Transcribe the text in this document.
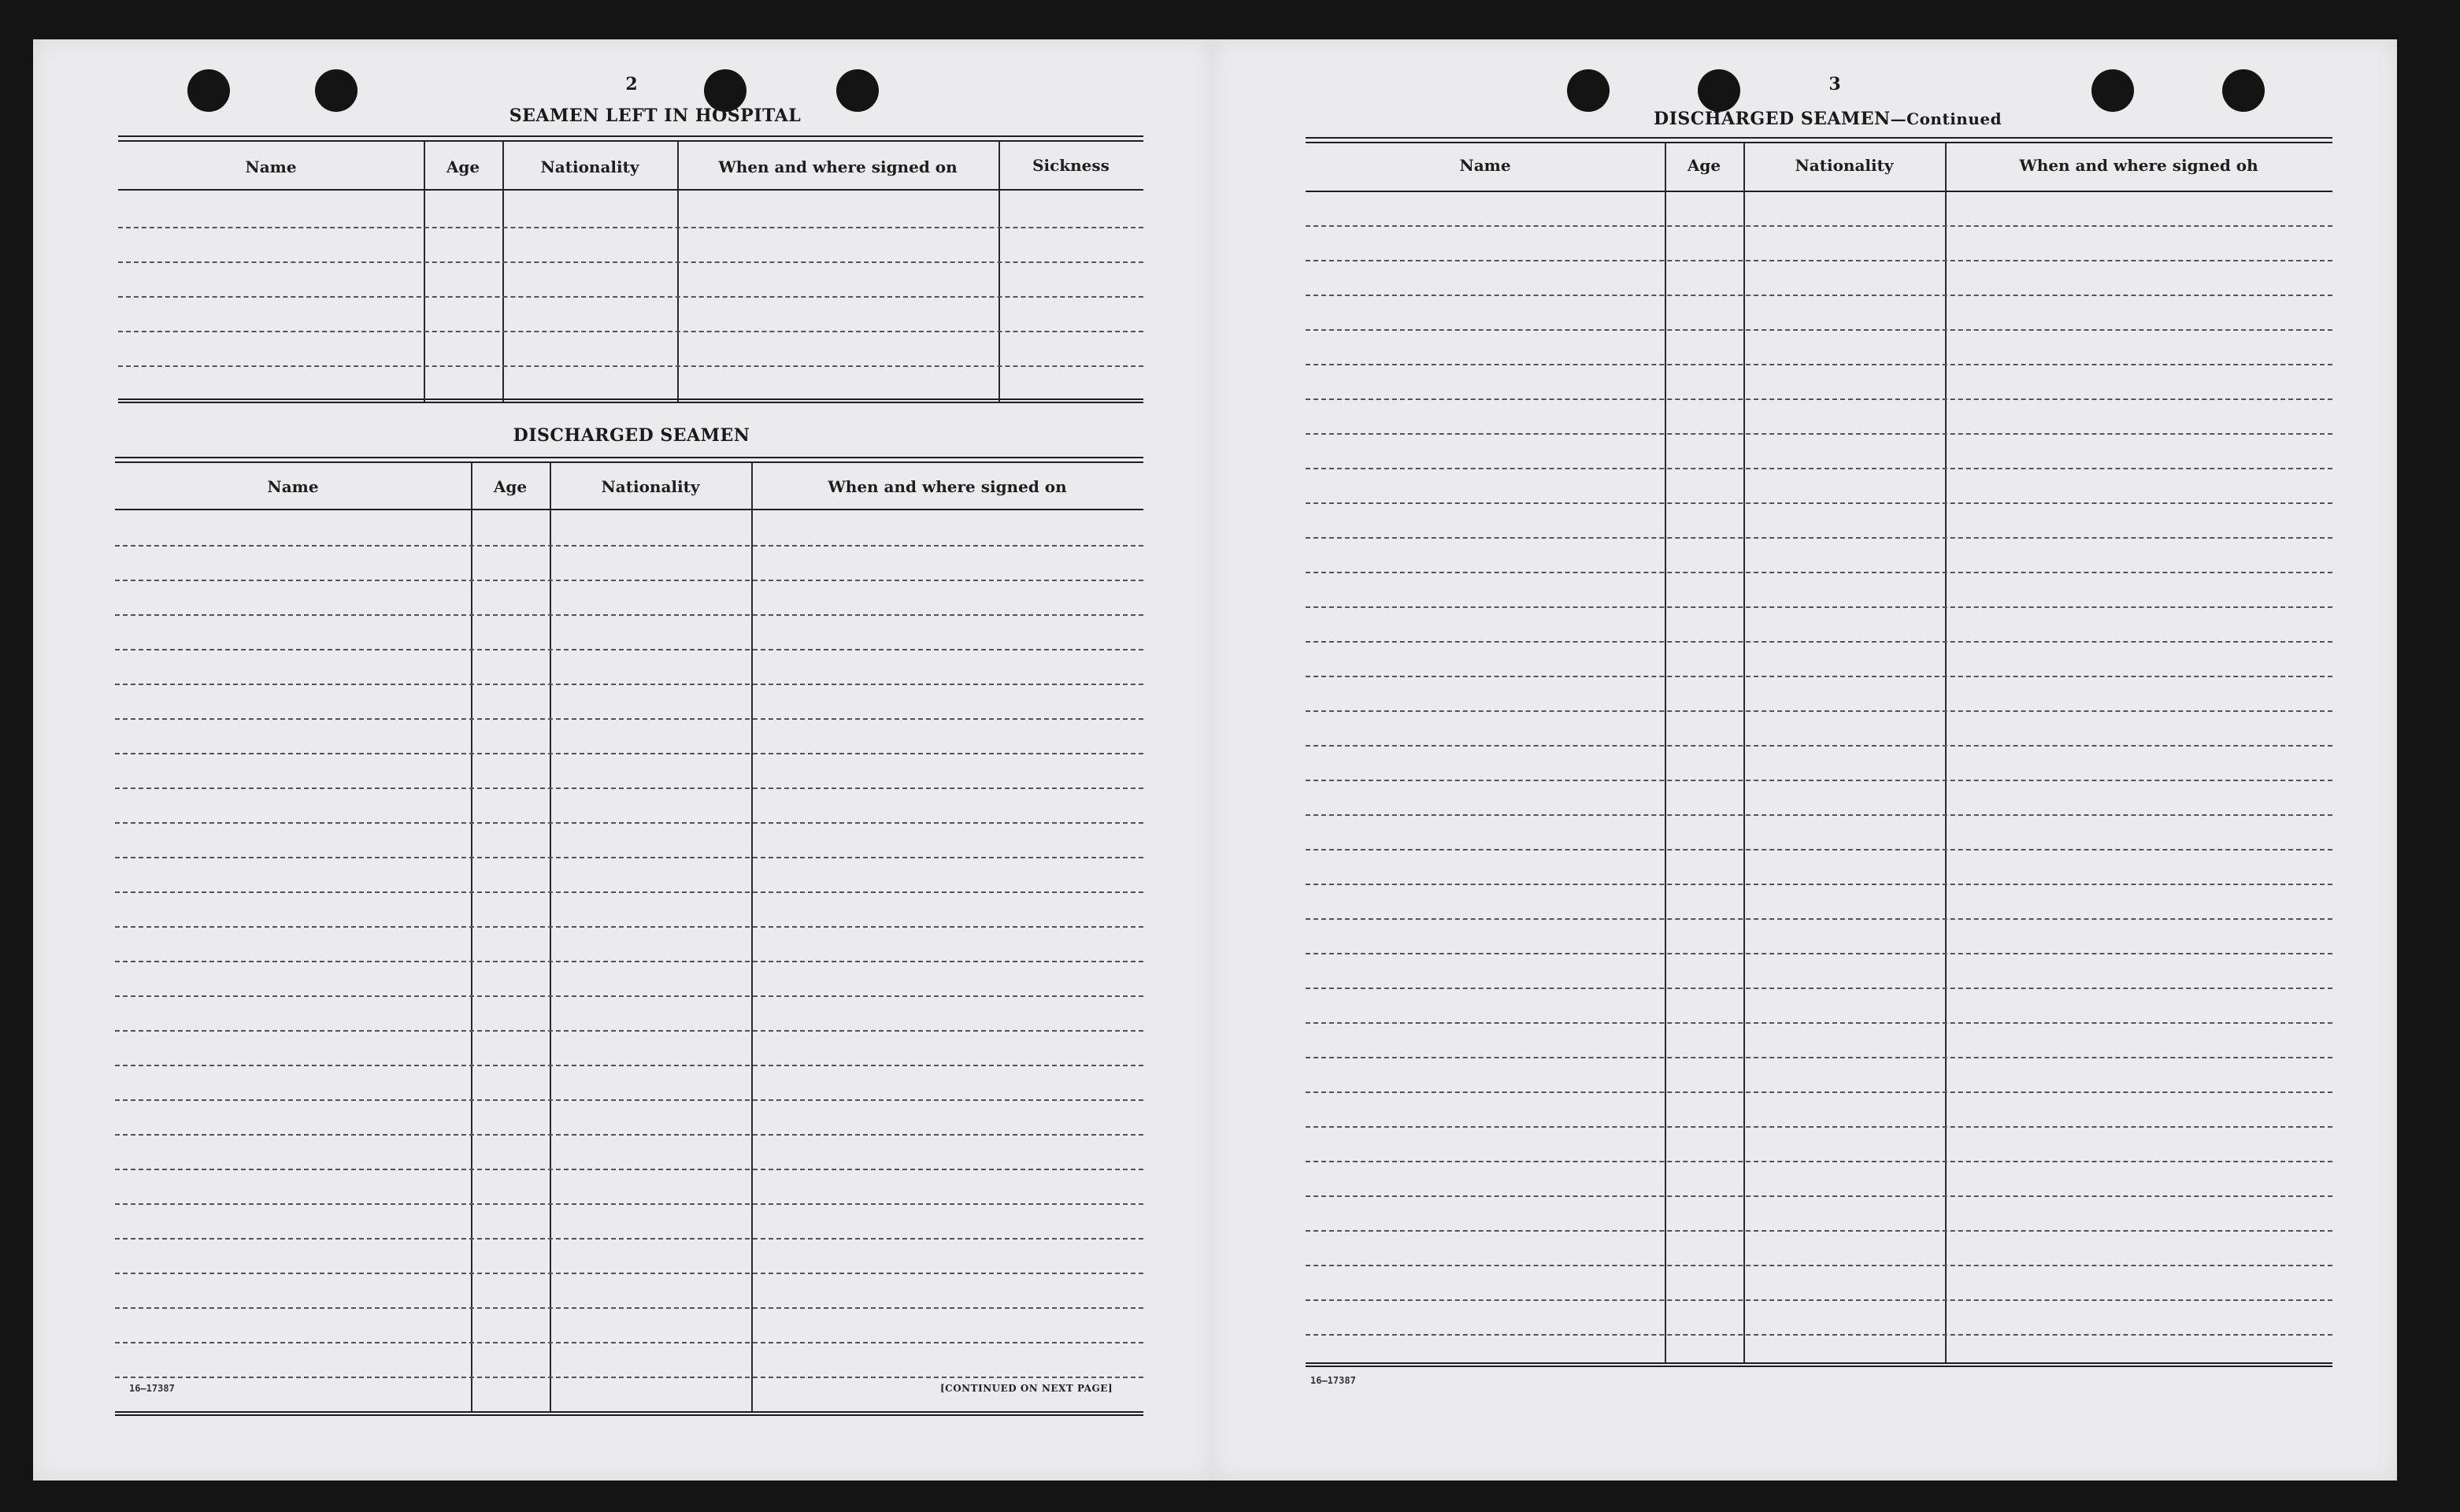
2
SEAMEN LEFT IN HOSPITAL
Name	Age	Nationality	When and where signed on	Sickness
DISCHARGED SEAMEN
Name	Age	Nationality	When and where signed on
16—17387	[CONTINUED ON NEXT PAGE]
3
DISCHARGED SEAMEN—Continued
Name	Age	Nationality	When and where signed oh
16—17387
